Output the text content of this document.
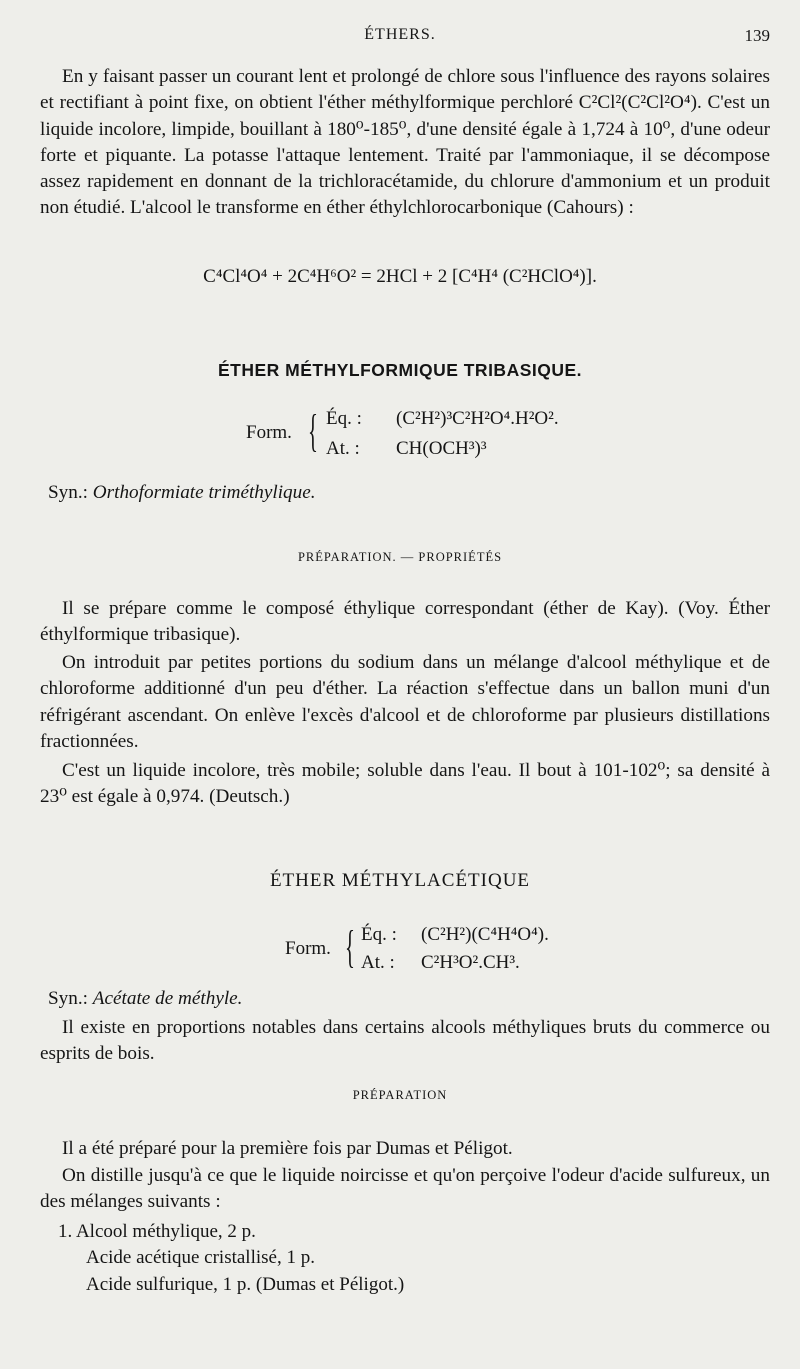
ÉTHERS.	139
En y faisant passer un courant lent et prolongé de chlore sous l'influence des rayons solaires et rectifiant à point fixe, on obtient l'éther méthylformique perchloré C²Cl²(C²Cl²O⁴). C'est un liquide incolore, limpide, bouillant à 180⁰-185⁰, d'une densité égale à 1,724 à 10⁰, d'une odeur forte et piquante. La potasse l'attaque lentement. Traité par l'ammoniaque, il se décompose assez rapidement en donnant de la trichloracétamide, du chlorure d'ammonium et un produit non étudié. L'alcool le transforme en éther éthylchlorocarbonique (Cahours) :
C⁴Cl⁴O⁴ + 2C⁴H⁶O² = 2HCl + 2 [C⁴H⁴ (C²HClO⁴)].
ÉTHER MÉTHYLFORMIQUE TRIBASIQUE.
Form. { Éq. : (C²H²)³C²H²O⁴.H²O².
At. : CH(OCH³)³
Syn.: Orthoformiate triméthylique.
PRÉPARATION. — PROPRIÉTÉS
Il se prépare comme le composé éthylique correspondant (éther de Kay). (Voy. Éther éthylformique tribasique).
On introduit par petites portions du sodium dans un mélange d'alcool méthylique et de chloroforme additionné d'un peu d'éther. La réaction s'effectue dans un ballon muni d'un réfrigérant ascendant. On enlève l'excès d'alcool et de chloroforme par plusieurs distillations fractionnées.
C'est un liquide incolore, très mobile; soluble dans l'eau. Il bout à 101-102⁰; sa densité à 23⁰ est égale à 0,974. (Deutsch.)
ÉTHER MÉTHYLACÉTIQUE
Form. { Éq. : (C²H²)(C⁴H⁴O⁴).
At. : C²H³O².CH³.
Syn.: Acétate de méthyle.
Il existe en proportions notables dans certains alcools méthyliques bruts du commerce ou esprits de bois.
PRÉPARATION
Il a été préparé pour la première fois par Dumas et Péligot.
On distille jusqu'à ce que le liquide noircisse et qu'on perçoive l'odeur d'acide sulfureux, un des mélanges suivants :
1. Alcool méthylique, 2 p.
Acide acétique cristallisé, 1 p.
Acide sulfurique, 1 p. (Dumas et Péligot.)
